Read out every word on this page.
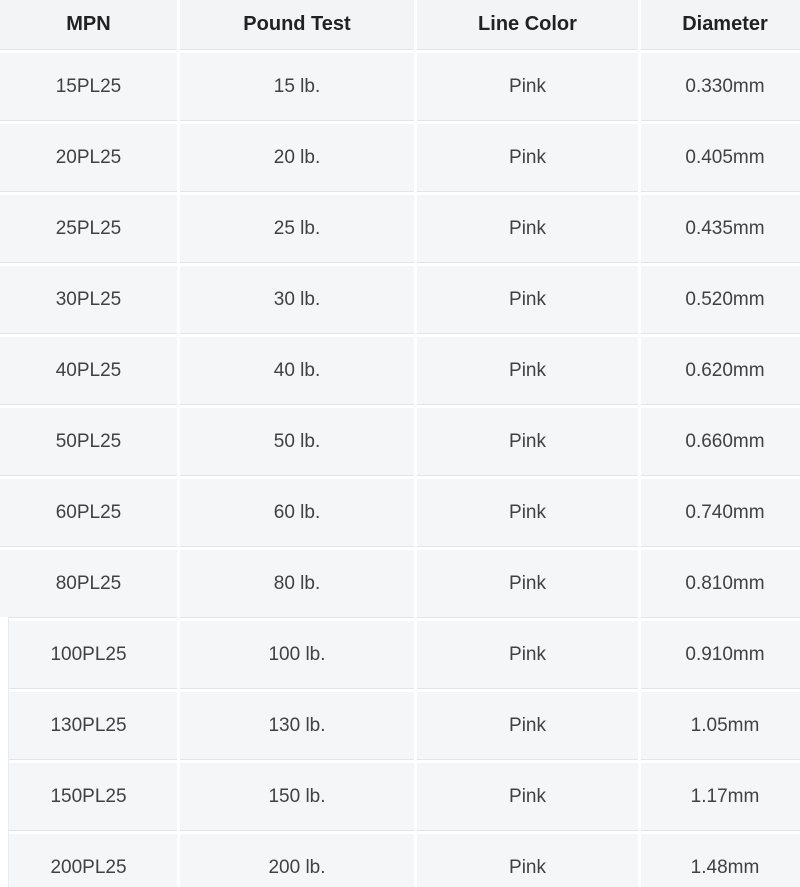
MPN	Pound Test	Line Color	Diameter
15PL25	15 lb.	Pink	0.330mm
20PL25	20 lb.	Pink	0.405mm
25PL25	25 lb.	Pink	0.435mm
30PL25	30 lb.	Pink	0.520mm
40PL25	40 lb.	Pink	0.620mm
50PL25	50 lb.	Pink	0.660mm
60PL25	60 lb.	Pink	0.740mm
80PL25	80 lb.	Pink	0.810mm
100PL25	100 lb.	Pink	0.910mm
130PL25	130 lb.	Pink	1.05mm
150PL25	150 lb.	Pink	1.17mm
200PL25	200 lb.	Pink	1.48mm
